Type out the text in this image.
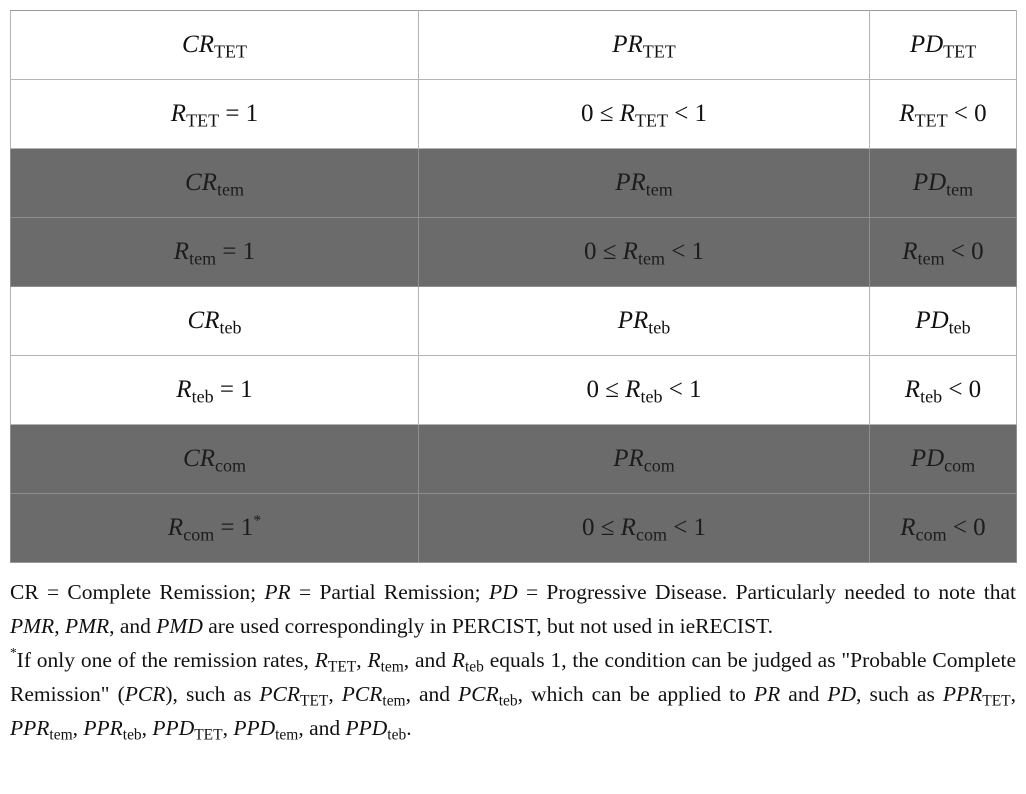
$CR_{TET}$	$PR_{TET}$	$PD_{TET}$
$R_{TET} = 1$	$0 \le R_{TET} < 1$	$R_{TET} < 0$
$CR_{tem}$	$PR_{tem}$	$PD_{tem}$
$R_{tem} = 1$	$0 \le R_{tem} < 1$	$R_{tem} < 0$
$CR_{teb}$	$PR_{teb}$	$PD_{teb}$
$R_{teb} = 1$	$0 \le R_{teb} < 1$	$R_{teb} < 0$
$CR_{com}$	$PR_{com}$	$PD_{com}$
$R_{com} = 1^*$	$0 \le R_{com} < 1$	$R_{com} < 0$

CR = Complete Remission; PR = Partial Remission; PD = Progressive Disease. Particularly needed to note that PMR, PMR, and PMD are used correspondingly in PERCIST, but not used in ieRECIST.

*If only one of the remission rates, $R_{TET}$, $R_{tem}$, and $R_{teb}$ equals 1, the condition can be judged as "Probable Complete Remission" (PCR), such as $PCR_{TET}$, $PCR_{tem}$, and $PCR_{teb}$, which can be applied to PR and PD, such as $PPR_{TET}$, $PPR_{tem}$, $PPR_{teb}$, $PPD_{TET}$, $PPD_{tem}$, and $PPD_{teb}$.
